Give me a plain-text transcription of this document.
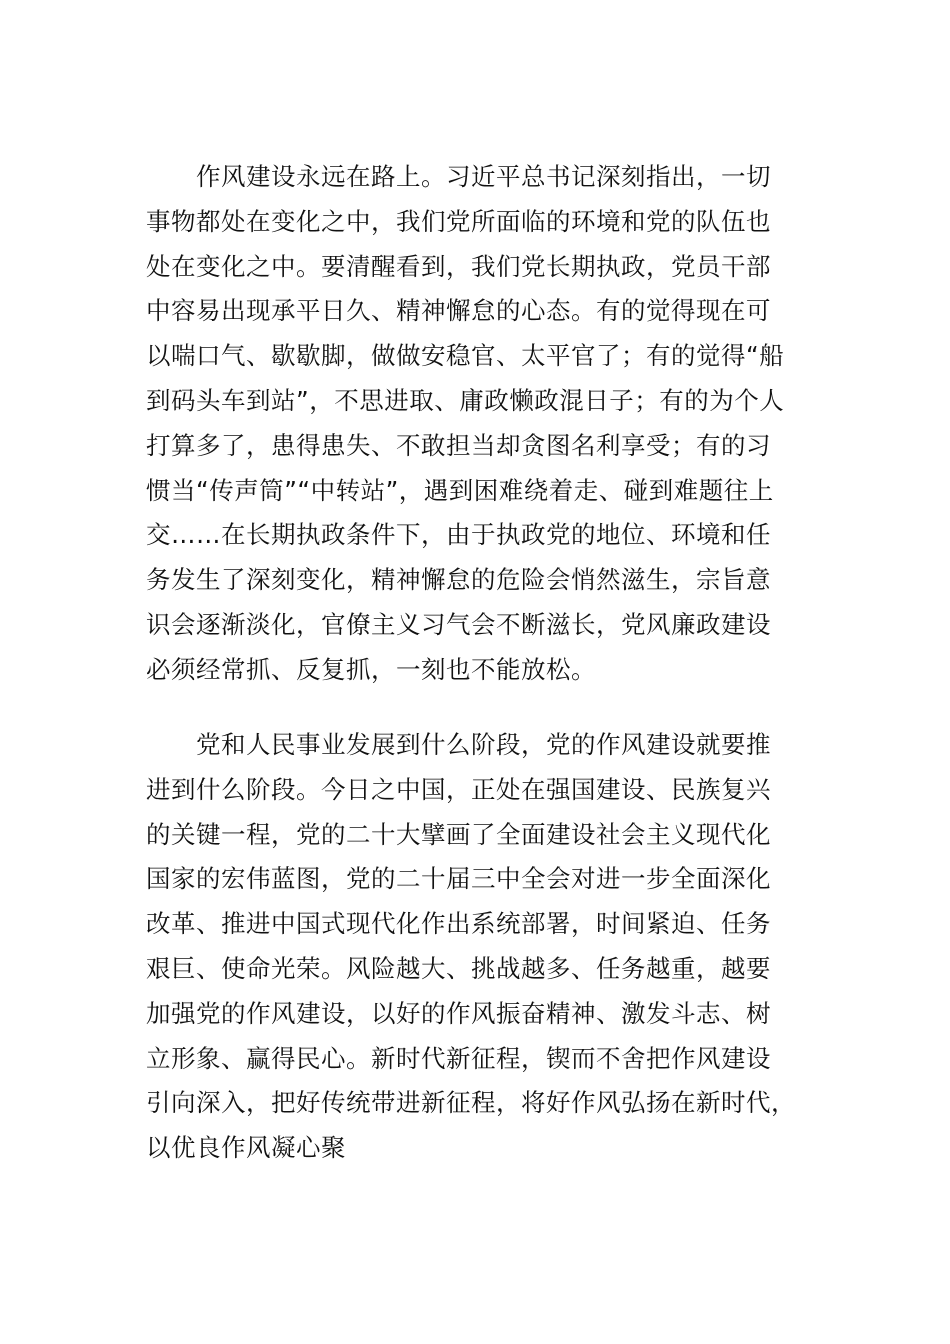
　　作风建设永远在路上。习近平总书记深刻指出，一切
事物都处在变化之中，我们党所面临的环境和党的队伍也
处在变化之中。要清醒看到，我们党长期执政，党员干部
中容易出现承平日久、精神懈怠的心态。有的觉得现在可
以喘口气、歇歇脚，做做安稳官、太平官了；有的觉得“船
到码头车到站”，不思进取、庸政懒政混日子；有的为个人
打算多了，患得患失、不敢担当却贪图名利享受；有的习
惯当“传声筒”“中转站”，遇到困难绕着走、碰到难题往上
交……在长期执政条件下，由于执政党的地位、环境和任
务发生了深刻变化，精神懈怠的危险会悄然滋生，宗旨意
识会逐渐淡化，官僚主义习气会不断滋长，党风廉政建设
必须经常抓、反复抓，一刻也不能放松。
　　党和人民事业发展到什么阶段，党的作风建设就要推
进到什么阶段。今日之中国，正处在强国建设、民族复兴
的关键一程，党的二十大擘画了全面建设社会主义现代化
国家的宏伟蓝图，党的二十届三中全会对进一步全面深化
改革、推进中国式现代化作出系统部署，时间紧迫、任务
艰巨、使命光荣。风险越大、挑战越多、任务越重，越要
加强党的作风建设，以好的作风振奋精神、激发斗志、树
立形象、赢得民心。新时代新征程，锲而不舍把作风建设
引向深入，把好传统带进新征程，将好作风弘扬在新时代，
以优良作风凝心聚
